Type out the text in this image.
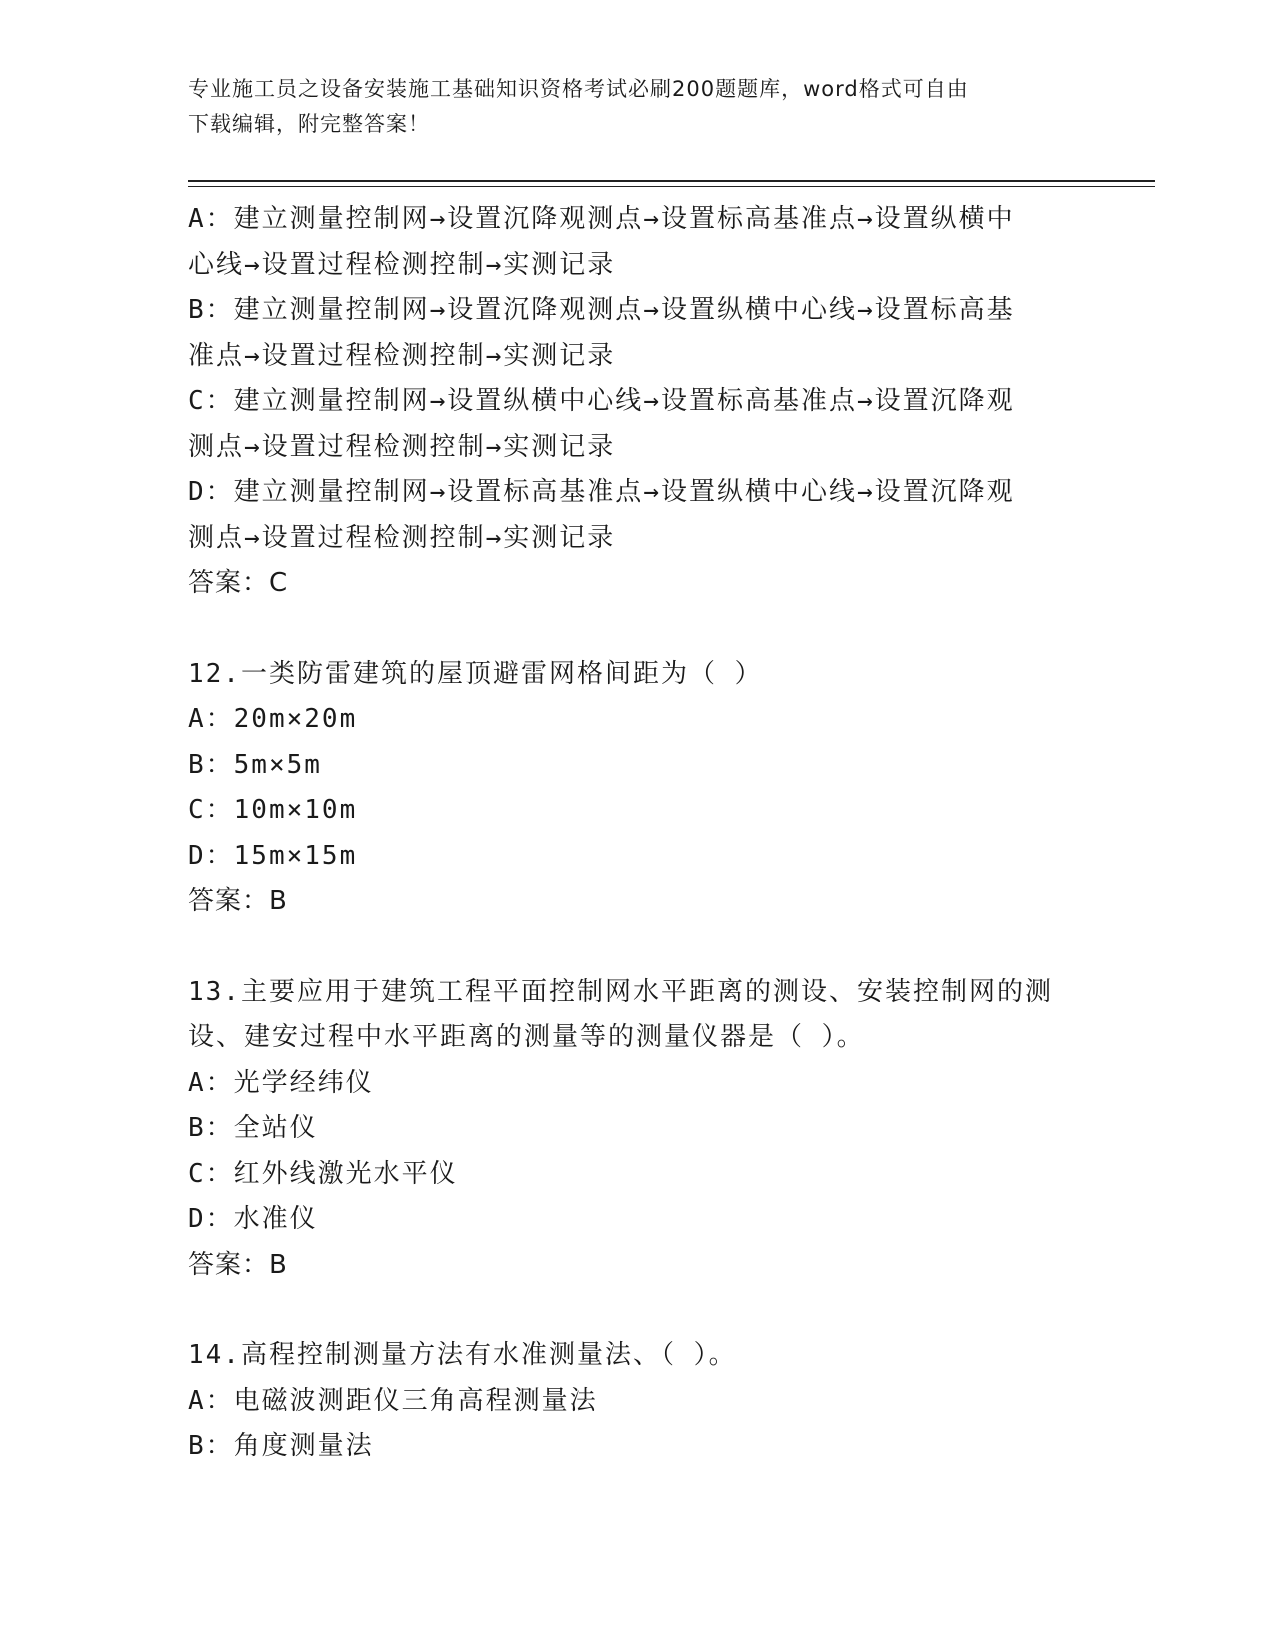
专业施工员之设备安装施工基础知识资格考试必刷200题题库，word格式可自由
下载编辑，附完整答案！
A：建立测量控制网→设置沉降观测点→设置标高基准点→设置纵横中
心线→设置过程检测控制→实测记录
B：建立测量控制网→设置沉降观测点→设置纵横中心线→设置标高基
准点→设置过程检测控制→实测记录
C：建立测量控制网→设置纵横中心线→设置标高基准点→设置沉降观
测点→设置过程检测控制→实测记录
D：建立测量控制网→设置标高基准点→设置纵横中心线→设置沉降观
测点→设置过程检测控制→实测记录
答案：C
12.一类防雷建筑的屋顶避雷网格间距为（ ）
A：20m×20m
B：5m×5m
C：10m×10m
D：15m×15m
答案：B
13.主要应用于建筑工程平面控制网水平距离的测设、安装控制网的测
设、建安过程中水平距离的测量等的测量仪器是（ ）。
A：光学经纬仪
B：全站仪
C：红外线激光水平仪
D：水准仪
答案：B
14.高程控制测量方法有水准测量法、（ ）。
A：电磁波测距仪三角高程测量法
B：角度测量法
